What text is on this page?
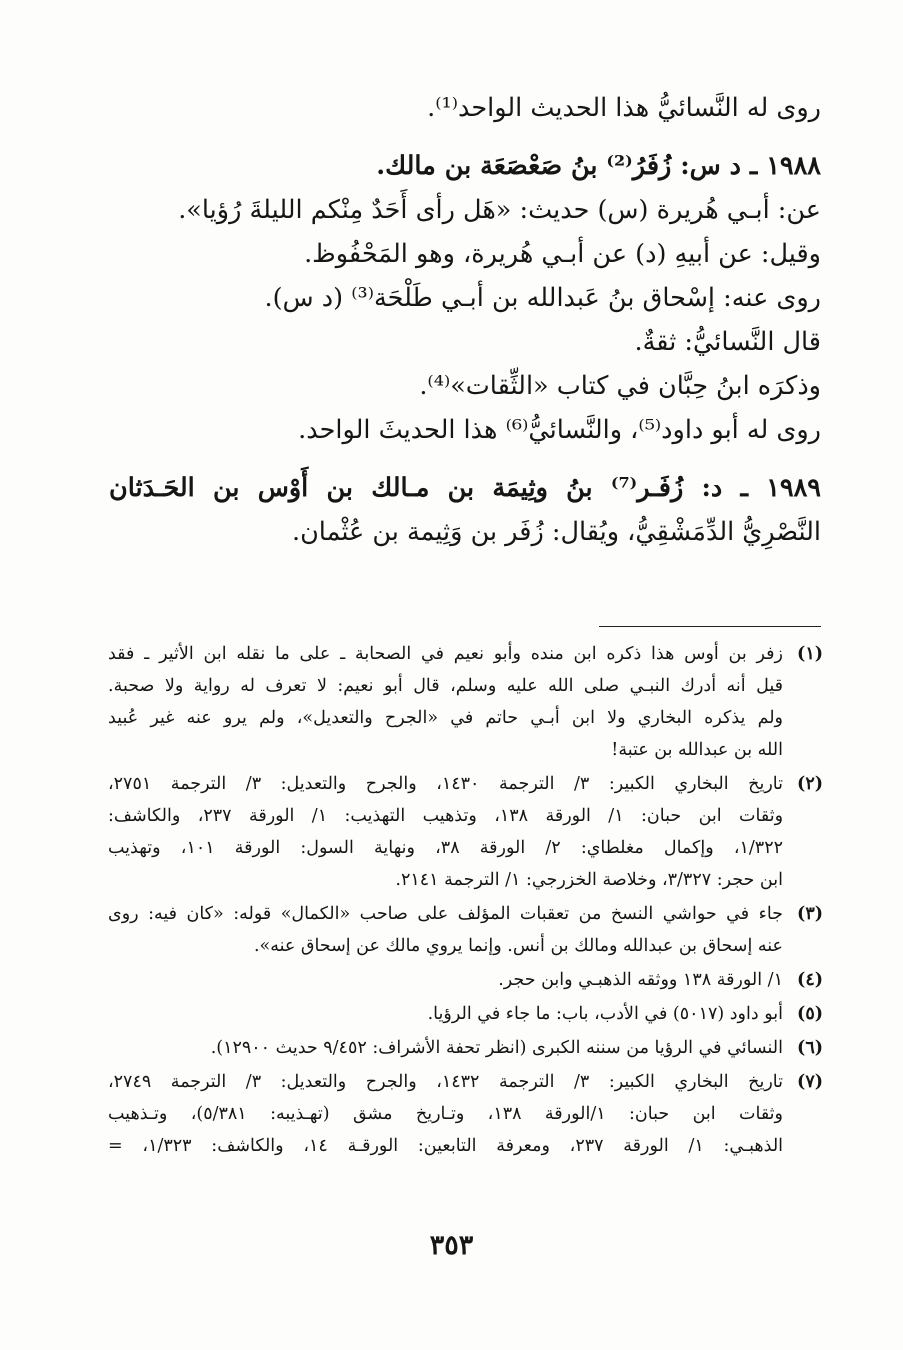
روى له النَّسائيُّ هذا الحديث الواحد⁽¹⁾.
١٩٨٨ ـ د س: زُفَرُ⁽²⁾ بنُ صَعْصَعَة بن مالك.
عن: أبـي هُريرة (س) حديث: «هَل رأى أَحَدٌ مِنْكم الليلةَ رُؤيا».
وقيل: عن أبيهِ (د) عن أبـي هُريرة، وهو المَحْفُوظ.
روى عنه: إسْحاق بنُ عَبدالله بن أبـي طَلْحَة⁽³⁾ (د س).
قال النَّسائيُّ: ثقةٌ.
وذكرَه ابنُ حِبَّان في كتاب «الثِّقات»⁽⁴⁾.
روى له أبو داود⁽⁵⁾، والنَّسائيُّ⁽⁶⁾ هذا الحديثَ الواحد.
١٩٨٩ ـ د: زُفَـر⁽⁷⁾ بنُ وثِيمَة بن مـالك بن أَوْس بن الحَـدَثان
النَّصْرِيُّ الدِّمَشْقِيُّ، ويُقال: زُفَر بن وَثِيمة بن عُثْمان.
(١)
زفر بن أوس هذا ذكره ابن منده وأبو نعيم في الصحابة ـ على ما نقله ابن الأثير ـ فقد
قيل أنه أدرك النبـي صلى الله عليه وسلم، قال أبو نعيم: لا تعرف له رواية ولا صحبة.
ولم يذكره البخاري ولا ابن أبـي حاتم في «الجرح والتعديل»، ولم يرو عنه غير عُبيد
الله بن عبدالله بن عتبة!
(٢)
تاريخ البخاري الكبير: ٣/ الترجمة ١٤٣٠، والجرح والتعديل: ٣/ الترجمة ٢٧٥١،
وثقات ابن حبان: ١/ الورقة ١٣٨، وتذهيب التهذيب: ١/ الورقة ٢٣٧، والكاشف:
١/٣٢٢، وإكمال مغلطاي: ٢/ الورقة ٣٨، ونهاية السول: الورقة ١٠١، وتهذيب
ابن حجر: ٣/٣٢٧، وخلاصة الخزرجي: ١/ الترجمة ٢١٤١.
(٣)
جاء في حواشي النسخ من تعقبات المؤلف على صاحب «الكمال» قوله: «كان فيه: روى
عنه إسحاق بن عبدالله ومالك بن أنس. وإنما يروي مالك عن إسحاق عنه».
(٤)
١/ الورقة ١٣٨ ووثقه الذهبـي وابن حجر.
(٥)
أبو داود (٥٠١٧) في الأدب، باب: ما جاء في الرؤيا.
(٦)
النسائي في الرؤيا من سننه الكبرى (انظر تحفة الأشراف: ٩/٤٥٢ حديث ١٢٩٠٠).
(٧)
تاريخ البخاري الكبير: ٣/ الترجمة ١٤٣٢، والجرح والتعديل: ٣/ الترجمة ٢٧٤٩،
وثقات ابن حبان: ١/الورقة ١٣٨، وتـاريخ مشق (تهـذيبه: ٥/٣٨١)، وتـذهيب
الذهبـي: ١/ الورقة ٢٣٧، ومعرفة التابعين: الورقـة ١٤، والكاشف: ١/٣٢٣، =
٣٥٣
